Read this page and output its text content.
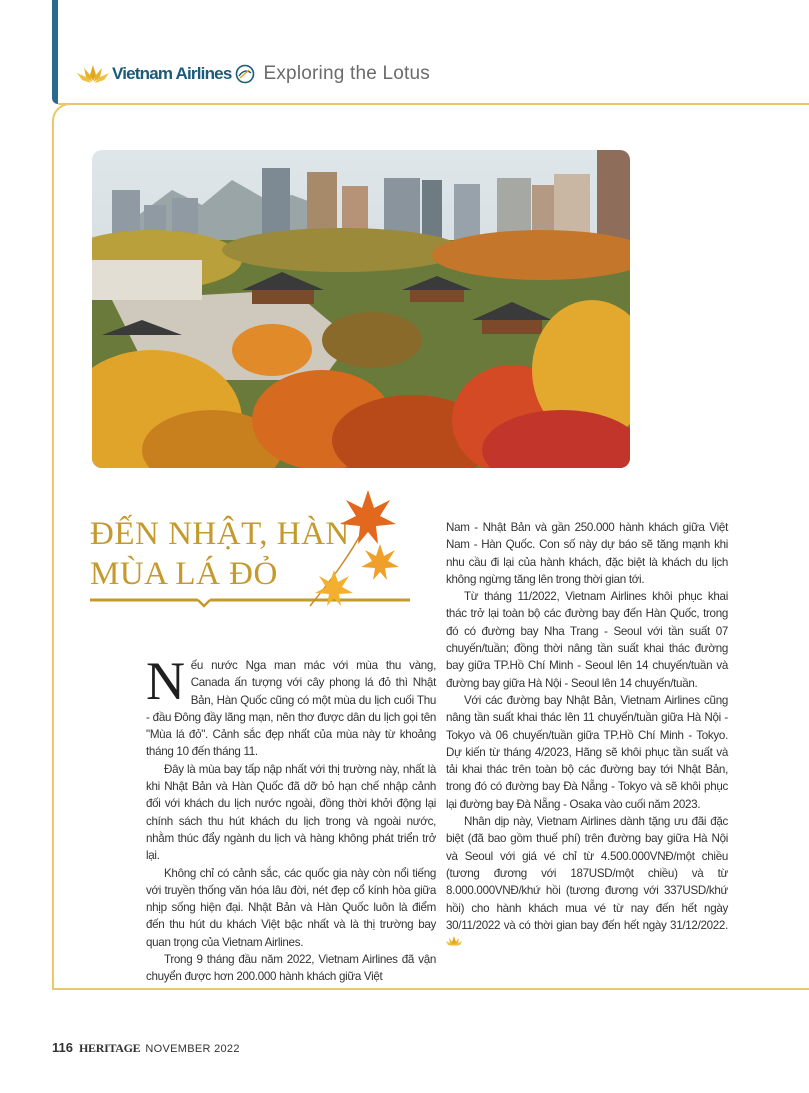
Vietnam Airlines Exploring the Lotus
ĐẾN NHẬT, HÀN
MÙA LÁ ĐỎ

Nếu nước Nga man mác với mùa thu vàng, Canada ấn tượng với cây phong lá đỏ thì Nhật Bản, Hàn Quốc cũng có một mùa du lịch cuối Thu - đầu Đông đầy lãng mạn, nên thơ được dân du lịch gọi tên "Mùa lá đỏ". Cảnh sắc đẹp nhất của mùa này từ khoảng tháng 10 đến tháng 11.

Đây là mùa bay tấp nập nhất với thị trường này, nhất là khi Nhật Bản và Hàn Quốc đã dỡ bỏ hạn chế nhập cảnh đối với khách du lịch nước ngoài, đồng thời khởi động lại chính sách thu hút khách du lịch trong và ngoài nước, nhằm thúc đẩy ngành du lịch và hàng không phát triển trở lại.

Không chỉ có cảnh sắc, các quốc gia này còn nổi tiếng với truyền thống văn hóa lâu đời, nét đẹp cổ kính hòa giữa nhịp sống hiện đại. Nhật Bản và Hàn Quốc luôn là điểm đến thu hút du khách Việt bậc nhất và là thị trường bay quan trọng của Vietnam Airlines.

Trong 9 tháng đầu năm 2022, Vietnam Airlines đã vận chuyển được hơn 200.000 hành khách giữa Việt

Nam - Nhật Bản và gần 250.000 hành khách giữa Việt Nam - Hàn Quốc. Con số này dự báo sẽ tăng mạnh khi nhu cầu đi lại của hành khách, đặc biệt là khách du lịch không ngừng tăng lên trong thời gian tới.

Từ tháng 11/2022, Vietnam Airlines khôi phục khai thác trở lại toàn bộ các đường bay đến Hàn Quốc, trong đó có đường bay Nha Trang - Seoul với tần suất 07 chuyến/tuần; đồng thời nâng tần suất khai thác đường bay giữa TP.Hồ Chí Minh - Seoul lên 14 chuyến/tuần và đường bay giữa Hà Nội - Seoul lên 14 chuyến/tuần.

Với các đường bay Nhật Bản, Vietnam Airlines cũng nâng tần suất khai thác lên 11 chuyến/tuần giữa Hà Nội - Tokyo và 06 chuyến/tuần giữa TP.Hồ Chí Minh - Tokyo. Dự kiến từ tháng 4/2023, Hãng sẽ khôi phục tần suất và tải khai thác trên toàn bộ các đường bay tới Nhật Bản, trong đó có đường bay Đà Nẵng - Tokyo và sẽ khôi phục lại đường bay Đà Nẵng - Osaka vào cuối năm 2023.

Nhân dịp này, Vietnam Airlines dành tặng ưu đãi đặc biệt (đã bao gồm thuế phí) trên đường bay giữa Hà Nội và Seoul với giá vé chỉ từ 4.500.000VNĐ/một chiều (tương đương với 187USD/một chiều) và từ 8.000.000VNĐ/khứ hồi (tương đương với 337USD/khứ hồi) cho hành khách mua vé từ nay đến hết ngày 30/11/2022 và có thời gian bay đến hết ngày 31/12/2022.

116 HERITAGE NOVEMBER 2022
